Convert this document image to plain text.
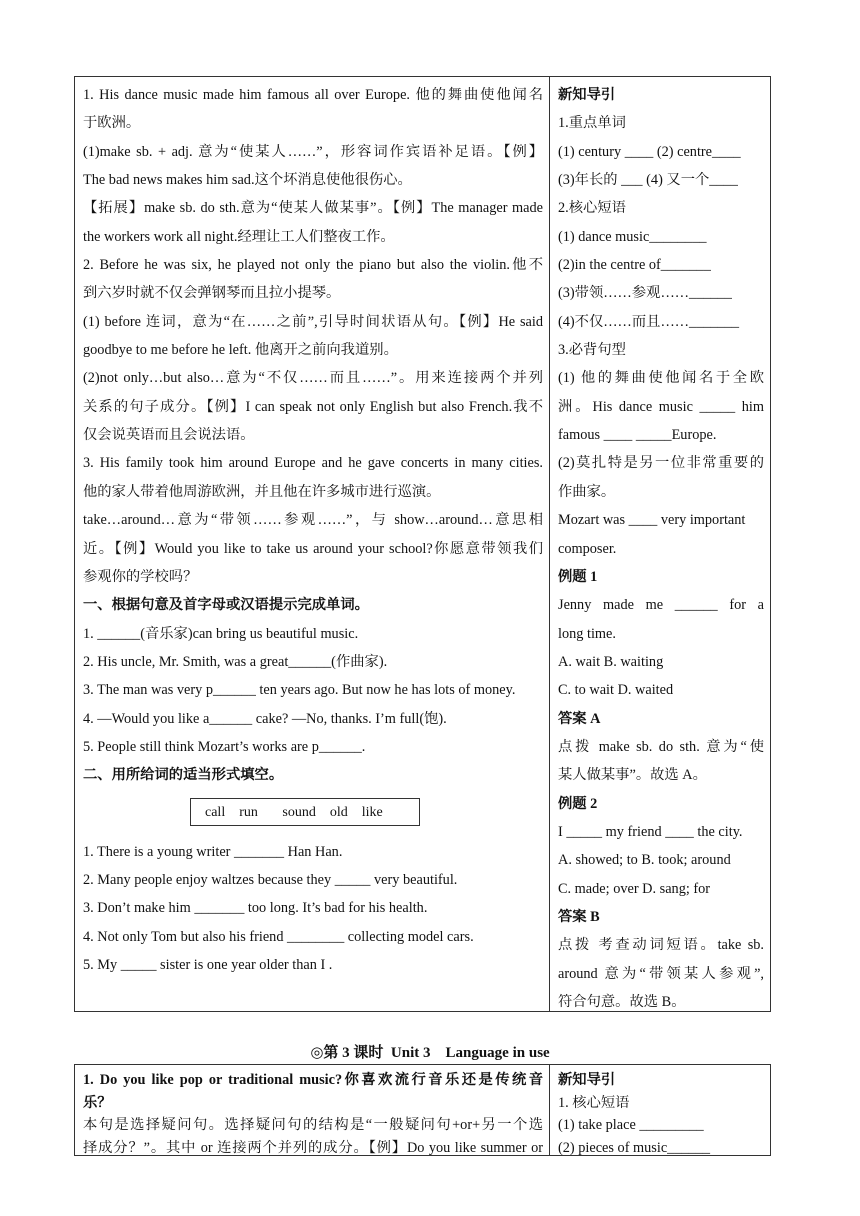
1. His dance music made him famous all over Europe. 他的舞曲使他闻名
于欧洲。
(1)make sb. + adj. 意为“使某人……”，形容词作宾语补足语。【例】
The bad news makes him sad.这个坏消息使他很伤心。
【拓展】make sb. do sth.意为“使某人做某事”。【例】The manager made
the workers work all night.经理让工人们整夜工作。
2. Before he was six, he played not only the piano but also the violin.他不
到六岁时就不仅会弹钢琴而且拉小提琴。
(1) before 连词，意为“在……之前”,引导时间状语从句。【例】He said
goodbye to me before he left. 他离开之前向我道别。
(2)not only…but also…意为“不仅……而且……”。用来连接两个并列
关系的句子成分。【例】I can speak not only English but also French.我不
仅会说英语而且会说法语。
3. His family took him around Europe and he gave concerts in many cities.
他的家人带着他周游欧洲，并且他在许多城市进行巡演。
take…around…意为“带领……参观……”，与 show…around…意思相
近。【例】Would you like to take us around your school?你愿意带领我们
参观你的学校吗？
一、根据句意及首字母或汉语提示完成单词。
1. ______(音乐家)can bring us beautiful music.
2. His uncle, Mr. Smith, was a great______(作曲家).
3. The man was very p______ ten years ago. But now he has lots of money.
4. —Would you like a______ cake? —No, thanks. I’m full(饱).
5. People still think Mozart’s works are p______.
二、用所给词的适当形式填空。
call    run       sound    old    like
1. There is a young writer _______ Han Han.
2. Many people enjoy waltzes because they _____ very beautiful.
3. Don’t make him _______ too long. It’s bad for his health.
4. Not only Tom but also his friend ________ collecting model cars.
5. My _____ sister is one year older than I .
新知导引
1.重点单词
(1) century ____ (2) centre____
(3)年长的 ___ (4) 又一个____
2.核心短语
(1) dance music________
(2)in the centre of_______
(3)带领……参观……______
(4)不仅……而且……_______
3.必背句型
(1) 他的舞曲使他闻名于全欧
洲。His dance music _____ him
famous ____ _____Europe.
(2)莫扎特是另一位非常重要的
作曲家。
Mozart was ____ very important
composer.
例题 1
Jenny made me ______ for a
long time.
A. wait B. waiting
C. to wait D. waited
答案 A
点拨 make sb. do sth. 意为“使
某人做某事”。故选 A。
例题 2
I _____ my friend ____ the city.
A. showed; to B. took; around
C. made; over D. sang; for
答案 B
点拨 考查动词短语。take sb.
around 意为“带领某人参观”,
符合句意。故选 B。
◎第 3 课时  Unit 3    Language in use
1. Do you like pop or traditional music?你喜欢流行音乐还是传统音
乐？
本句是选择疑问句。选择疑问句的结构是“一般疑问句+or+另一个选
择成分？”。其中 or 连接两个并列的成分。【例】Do you like summer or
新知导引
1. 核心短语
(1) take place _________
(2) pieces of music______
